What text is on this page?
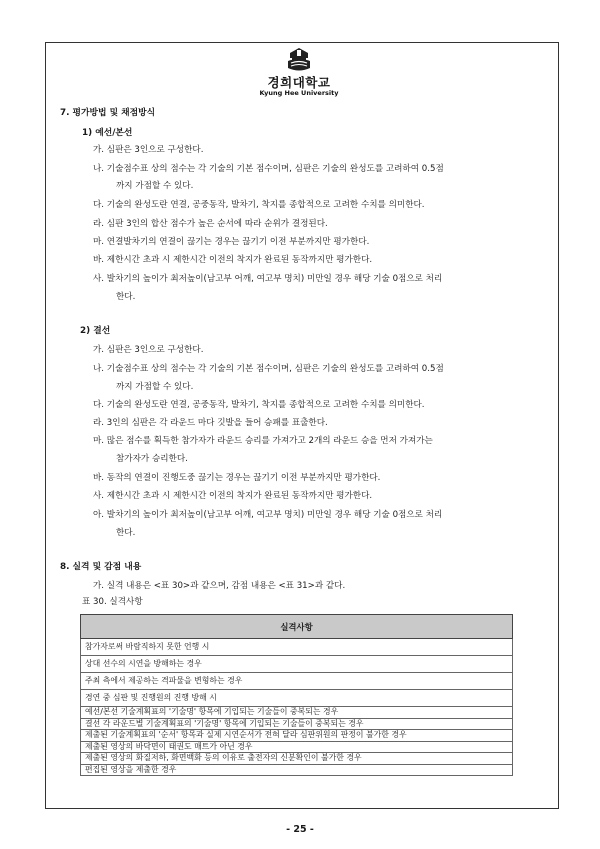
경희대학교
Kyung Hee University
7. 평가방법 및 채점방식
1) 예선/본선
가. 심판은 3인으로 구성한다.
나. 기술점수표 상의 점수는 각 기술의 기본 점수이며, 심판은 기술의 완성도를 고려하여 0.5점
까지 가점할 수 있다.
다. 기술의 완성도란 연결, 공중동작, 발차기, 착지를 종합적으로 고려한 수치를 의미한다.
라. 심판 3인의 합산 점수가 높은 순서에 따라 순위가 결정된다.
마. 연결발차기의 연결이 끊기는 경우는 끊기기 이전 부분까지만 평가한다.
바. 제한시간 초과 시 제한시간 이전의 착지가 완료된 동작까지만 평가한다.
사. 발차기의 높이가 최저높이(남고부 어깨, 여고부 명치) 미만일 경우 해당 기술 0점으로 처리
한다.
2) 결선
가. 심판은 3인으로 구성한다.
나. 기술점수표 상의 점수는 각 기술의 기본 점수이며, 심판은 기술의 완성도를 고려하여 0.5점
까지 가점할 수 있다.
다. 기술의 완성도란 연결, 공중동작, 발차기, 착지를 종합적으로 고려한 수치를 의미한다.
라. 3인의 심판은 각 라운드 마다 깃발을 들어 승패를 표출한다.
마. 많은 점수를 획득한 참가자가 라운드 승리를 가져가고 2개의 라운드 승을 먼저 가져가는
참가자가 승리한다.
바. 동작의 연결이 진행도중 끊기는 경우는 끊기기 이전 부분까지만 평가한다.
사. 제한시간 초과 시 제한시간 이전의 착지가 완료된 동작까지만 평가한다.
아. 발차기의 높이가 최저높이(남고부 어깨, 여고부 명치) 미만일 경우 해당 기술 0점으로 처리
한다.
8. 실격 및 감점 내용
가. 실격 내용은 <표 30>과 같으며, 감점 내용은 <표 31>과 같다.
표 30. 실격사항
실격사항
참가자로써 바람직하지 못한 언행 시
상대 선수의 시연을 방해하는 경우
주최 측에서 제공하는 격파물을 변형하는 경우
경연 중 심판 및 진행원의 진행 방해 시
예선/본선 기술계획표의 '기술명' 항목에 기입되는 기술들이 중복되는 경우
결선 각 라운드별 기술계획표의 '기술명' 항목에 기입되는 기술들이 중복되는 경우
제출된 기술계획표의 '순서' 항목과 실제 시연순서가 전혀 달라 심판위원의 판정이 불가한 경우
제출된 영상의 바닥면이 태권도 매트가 아닌 경우
제출된 영상의 화질저하, 화면백화 등의 이유로 출전자의 신분확인이 불가한 경우
편집된 영상을 제출한 경우
- 25 -
